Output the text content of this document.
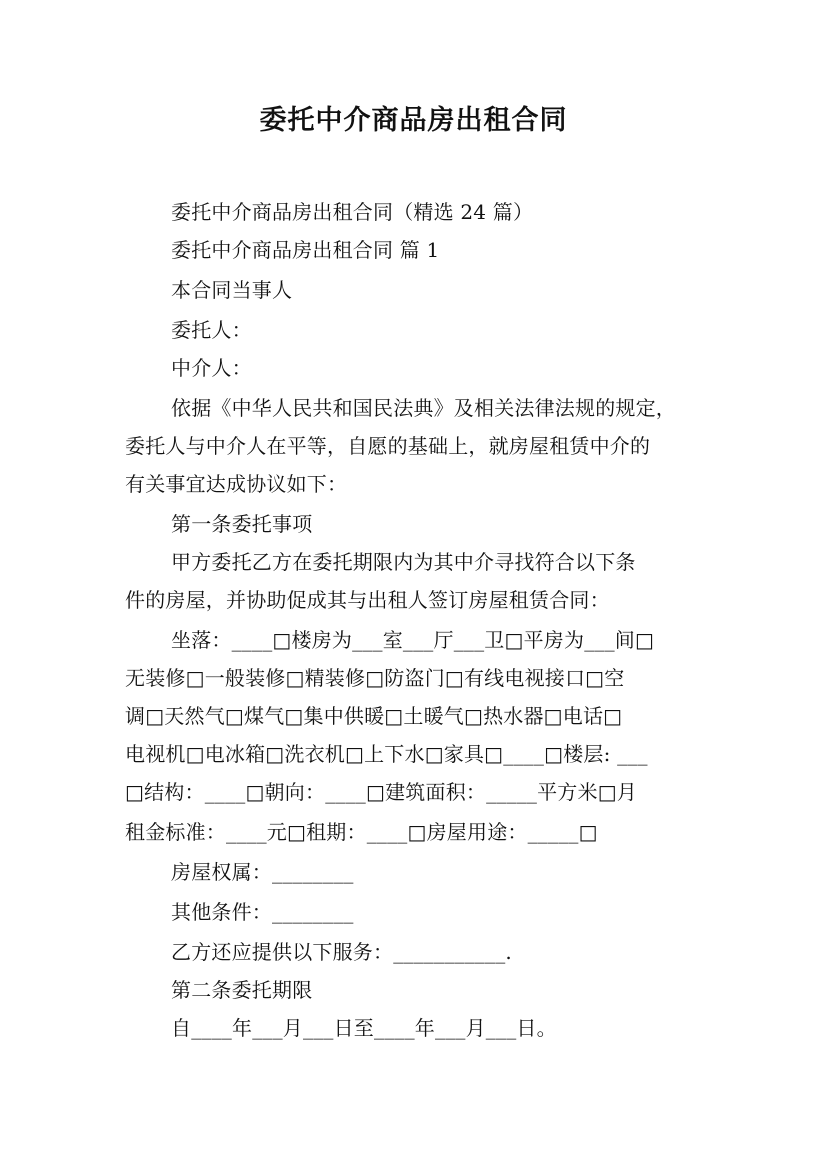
委托中介商品房出租合同
委托中介商品房出租合同（精选 24 篇）
委托中介商品房出租合同 篇 1
本合同当事人
委托人：
中介人：
依据《中华人民共和国民法典》及相关法律法规的规定，
委托人与中介人在平等，自愿的基础上，就房屋租赁中介的
有关事宜达成协议如下：
第一条委托事项
甲方委托乙方在委托期限内为其中介寻找符合以下条
件的房屋，并协助促成其与出租人签订房屋租赁合同：
坐落：____□楼房为___室___厅___卫□平房为___间□
无装修□一般装修□精装修□防盗门□有线电视接口□空
调□天然气□煤气□集中供暖□土暖气□热水器□电话□
电视机□电冰箱□洗衣机□上下水□家具□____□楼层: ___
□结构：____□朝向：____□建筑面积：_____平方米□月
租金标准：____元□租期：____□房屋用途：_____□
房屋权属：________
其他条件：________
乙方还应提供以下服务：___________.
第二条委托期限
自____年___月___日至____年___月___日。
